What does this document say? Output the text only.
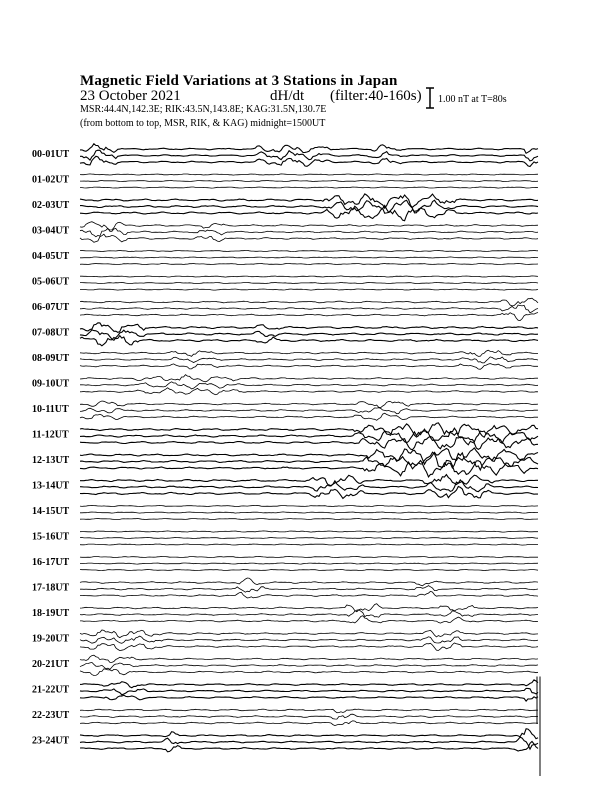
Magnetic Field Variations at 3 Stations in Japan
23 October 2021	dH/dt (filter:40-160s)
MSR:44.4N,142.3E; RIK:43.5N,143.8E; KAG:31.5N,130.7E
(from bottom to top, MSR, RIK, & KAG) midnight=1500UT
1.00 nT at T=80s
00-01UT
01-02UT
02-03UT
03-04UT
04-05UT
05-06UT
06-07UT
07-08UT
08-09UT
09-10UT
10-11UT
11-12UT
12-13UT
13-14UT
14-15UT
15-16UT
16-17UT
17-18UT
18-19UT
19-20UT
20-21UT
21-22UT
22-23UT
23-24UT
